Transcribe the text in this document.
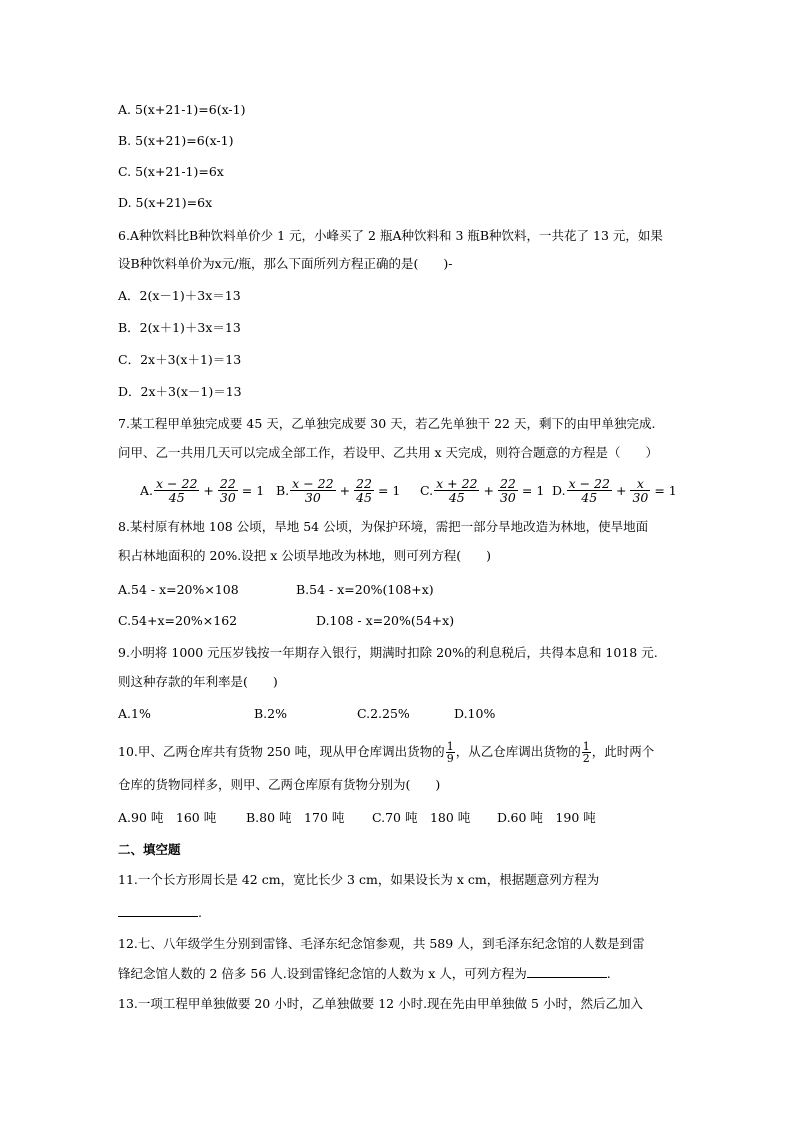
A. 5(x+21-1)=6(x-1)
B. 5(x+21)=6(x-1)
C. 5(x+21-1)=6x
D. 5(x+21)=6x
6.A种饮料比B种饮料单价少 1 元，小峰买了 2 瓶A种饮料和 3 瓶B种饮料，一共花了 13 元，如果
设B种饮料单价为x元/瓶，那么下面所列方程正确的是(　　)-
A．2(x－1)＋3x＝13
B．2(x＋1)＋3x＝13
C．2x＋3(x＋1)＝13
D．2x＋3(x－1)＝13
7.某工程甲单独完成要 45 天，乙单独完成要 30 天，若乙先单独干 22 天，剩下的由甲单独完成.
问甲、乙一共用几天可以完成全部工作，若设甲、乙共用 x 天完成，则符合题意的方程是（　　）
A. $\frac{x - 22}{45} + \frac{22}{30} = 1$ B. $\frac{x - 22}{30} + \frac{22}{45} = 1$ C. $\frac{x + 22}{45} + \frac{22}{30} = 1$ D. $\frac{x - 22}{45} + \frac{x}{30} = 1$
8.某村原有林地 108 公顷，旱地 54 公顷，为保护环境，需把一部分旱地改造为林地，使旱地面
积占林地面积的 20%.设把 x 公顷旱地改为林地，则可列方程(　　)
A.54 - x=20%×108	B.54 - x=20%(108+x)
C.54+x=20%×162	D.108 - x=20%(54+x)
9.小明将 1000 元压岁钱按一年期存入银行，期满时扣除 20%的利息税后，共得本息和 1018 元.
则这种存款的年利率是(　　)
A.1%	B.2%	C.2.25%	D.10%
10.甲、乙两仓库共有货物 250 吨，现从甲仓库调出货物的 $\frac{1}{9}$ ，从乙仓库调出货物的 $\frac{1}{2}$ ，此时两个
仓库的货物同样多，则甲、乙两仓库原有货物分别为(　　)
A.90 吨　160 吨 B.80 吨　170 吨 C.70 吨　180 吨 D.60 吨　190 吨
二、填空题
11.一个长方形周长是 42 cm，宽比长少 3 cm，如果设长为 x cm，根据题意列方程为
.
12.七、八年级学生分别到雷锋、毛泽东纪念馆参观，共 589 人，到毛泽东纪念馆的人数是到雷
锋纪念馆人数的 2 倍多 56 人.设到雷锋纪念馆的人数为 x 人，可列方程为	.
13.一项工程甲单独做要 20 小时，乙单独做要 12 小时.现在先由甲单独做 5 小时，然后乙加入
